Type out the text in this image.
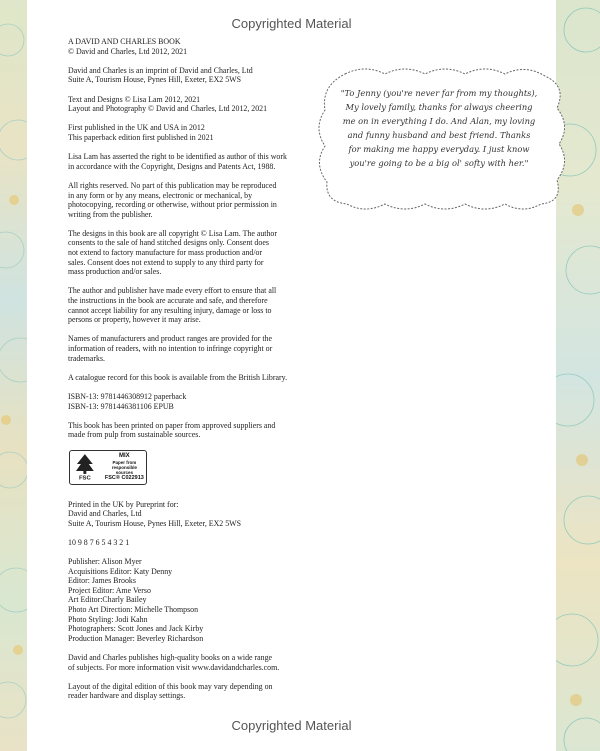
Copyrighted Material

A DAVID AND CHARLES BOOK
© David and Charles, Ltd 2012, 2021

David and Charles is an imprint of David and Charles, Ltd
Suite A, Tourism House, Pynes Hill, Exeter, EX2 5WS

Text and Designs © Lisa Lam 2012, 2021
Layout and Photography © David and Charles, Ltd 2012, 2021

First published in the UK and USA in 2012
This paperback edition first published in 2021

Lisa Lam has asserted the right to be identified as author of this work
in accordance with the Copyright, Designs and Patents Act, 1988.

All rights reserved. No part of this publication may be reproduced
in any form or by any means, electronic or mechanical, by
photocopying, recording or otherwise, without prior permission in
writing from the publisher.

The designs in this book are all copyright © Lisa Lam. The author
consents to the sale of hand stitched designs only. Consent does
not extend to factory manufacture for mass production and/or
sales. Consent does not extend to supply to any third party for
mass production and/or sales.

The author and publisher have made every effort to ensure that all
the instructions in the book are accurate and safe, and therefore
cannot accept liability for any resulting injury, damage or loss to
persons or property, however it may arise.

Names of manufacturers and product ranges are provided for the
information of readers, with no intention to infringe copyright or
trademarks.

A catalogue record for this book is available from the British Library.

ISBN-13: 9781446308912 paperback
ISBN-13: 9781446381106 EPUB

This book has been printed on paper from approved suppliers and
made from pulp from sustainable sources.

FSC
MIX
Paper from
responsible sources
FSC® C022913

Printed in the UK by Pureprint for:
David and Charles, Ltd
Suite A, Tourism House, Pynes Hill, Exeter, EX2 5WS

10 9 8 7 6 5 4 3 2 1

Publisher: Alison Myer
Acquisitions Editor: Katy Denny
Editor: James Brooks
Project Editor: Ame Verso
Art Editor:Charly Bailey
Photo Art Direction: Michelle Thompson
Photo Styling: Jodi Kahn
Photographers: Scott Jones and Jack Kirby
Production Manager: Beverley Richardson

David and Charles publishes high-quality books on a wide range
of subjects. For more information visit www.davidandcharles.com.

Layout of the digital edition of this book may vary depending on
reader hardware and display settings.

"To Jenny (you're never far from my thoughts),
My lovely family, thanks for always cheering
me on in everything I do. And Alan, my loving
and funny husband and best friend. Thanks
for making me happy everyday. I just know
you're going to be a big ol' softy with her."
Copyrighted Material
